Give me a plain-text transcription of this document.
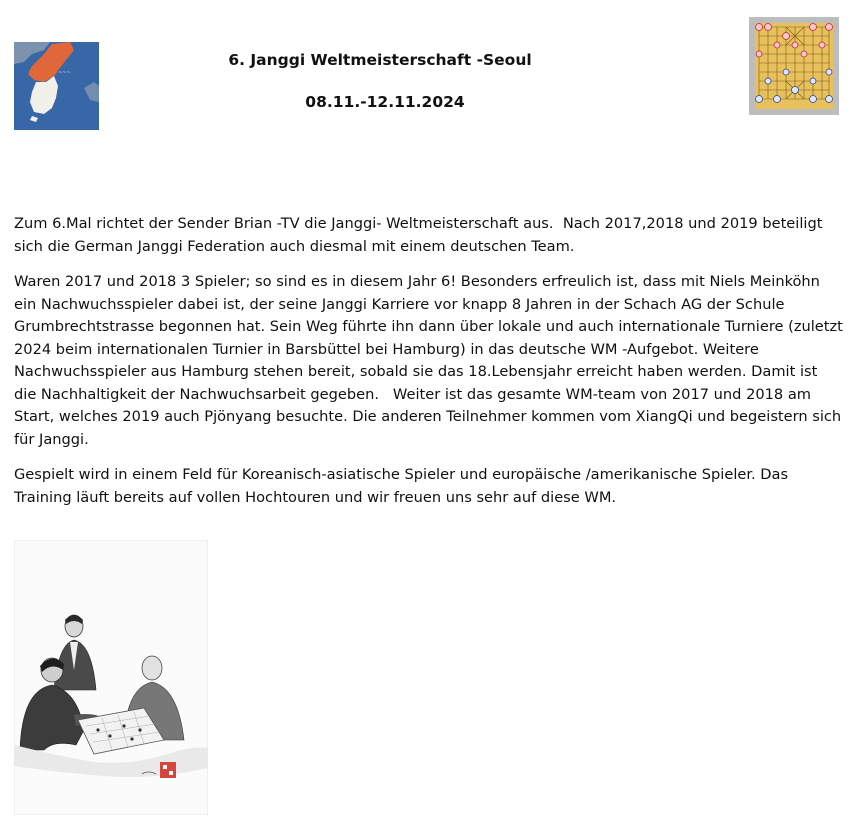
~~~
6. Janggi Weltmeisterschaft -Seoul
08.11.-12.11.2024

Zum 6.Mal richtet der Sender Brian -TV die Janggi- Weltmeisterschaft aus.  Nach 2017,2018 und 2019 beteiligt sich die German Janggi Federation auch diesmal mit einem deutschen Team.

Waren 2017 und 2018 3 Spieler; so sind es in diesem Jahr 6! Besonders erfreulich ist, dass mit Niels Meinköhn ein Nachwuchsspieler dabei ist, der seine Janggi Karriere vor knapp 8 Jahren in der Schach AG der Schule Grumbrechtstrasse begonnen hat. Sein Weg führte ihn dann über lokale und auch internationale Turniere (zuletzt 2024 beim internationalen Turnier in Barsbüttel bei Hamburg) in das deutsche WM -Aufgebot. Weitere Nachwuchsspieler aus Hamburg stehen bereit, sobald sie das 18.Lebensjahr erreicht haben werden. Damit ist die Nachhaltigkeit der Nachwuchsarbeit gegeben.   Weiter ist das gesamte WM-team von 2017 und 2018 am Start, welches 2019 auch Pjönyang besuchte. Die anderen Teilnehmer kommen vom XiangQi und begeistern sich für Janggi.

Gespielt wird in einem Feld für Koreanisch-asiatische Spieler und europäische /amerikanische Spieler. Das Training läuft bereits auf vollen Hochtouren und wir freuen uns sehr auf diese WM.
